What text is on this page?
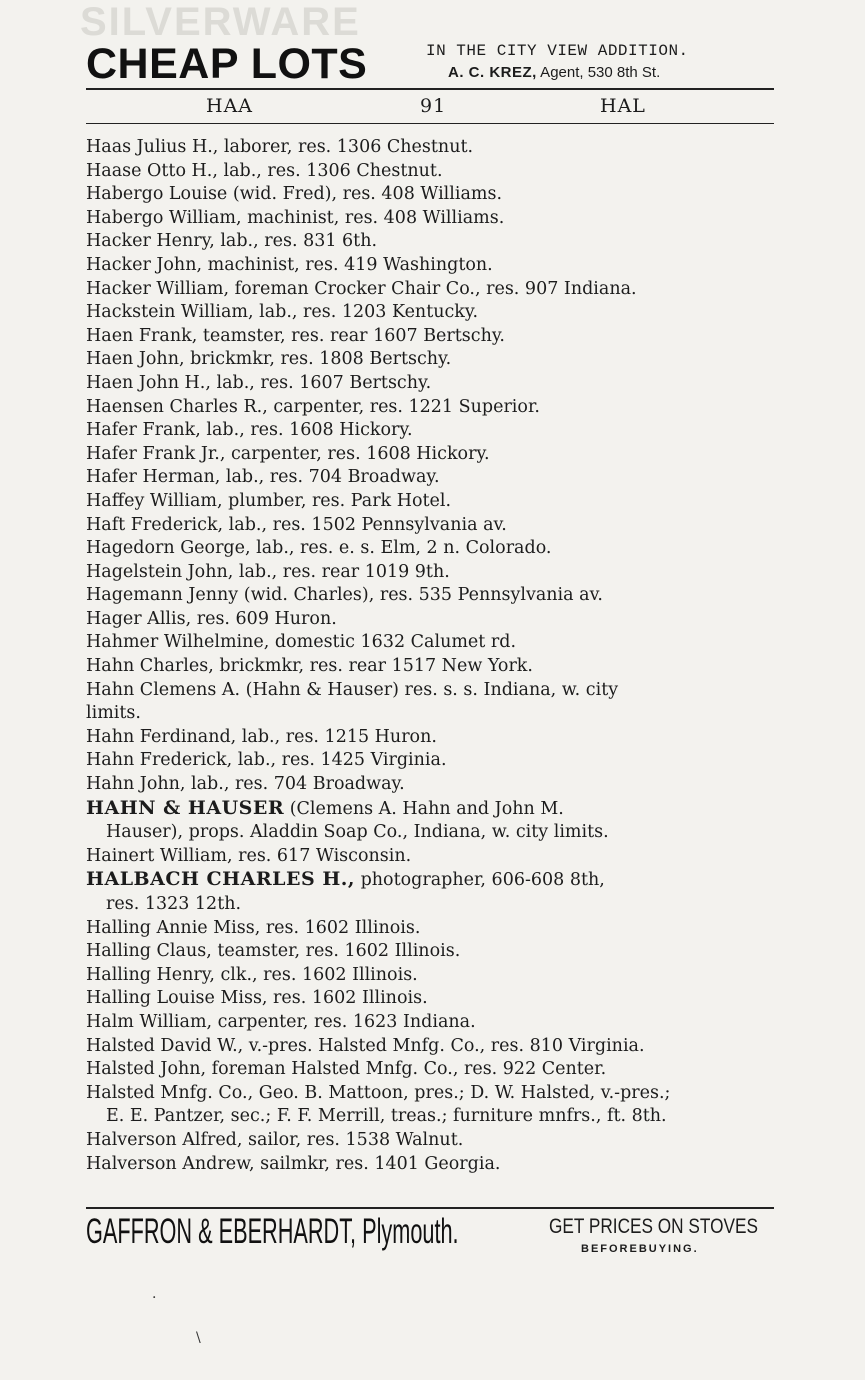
SILVERWARE
CHEAP LOTS	IN THE CITY VIEW ADDITION.
A. C. KREZ, Agent, 530 8th St.
HAA	91	HAL
Haas Julius H., laborer, res. 1306 Chestnut.
Haase Otto H., lab., res. 1306 Chestnut.
Habergo Louise (wid. Fred), res. 408 Williams.
Habergo William, machinist, res. 408 Williams.
Hacker Henry, lab., res. 831 6th.
Hacker John, machinist, res. 419 Washington.
Hacker William, foreman Crocker Chair Co., res. 907 Indiana.
Hackstein William, lab., res. 1203 Kentucky.
Haen Frank, teamster, res. rear 1607 Bertschy.
Haen John, brickmkr, res. 1808 Bertschy.
Haen John H., lab., res. 1607 Bertschy.
Haensen Charles R., carpenter, res. 1221 Superior.
Hafer Frank, lab., res. 1608 Hickory.
Hafer Frank Jr., carpenter, res. 1608 Hickory.
Hafer Herman, lab., res. 704 Broadway.
Haffey William, plumber, res. Park Hotel.
Haft Frederick, lab., res. 1502 Pennsylvania av.
Hagedorn George, lab., res. e. s. Elm, 2 n. Colorado.
Hagelstein John, lab., res. rear 1019 9th.
Hagemann Jenny (wid. Charles), res. 535 Pennsylvania av.
Hager Allis, res. 609 Huron.
Hahmer Wilhelmine, domestic 1632 Calumet rd.
Hahn Charles, brickmkr, res. rear 1517 New York.
Hahn Clemens A. (Hahn & Hauser) res. s. s. Indiana, w. city
limits.
Hahn Ferdinand, lab., res. 1215 Huron.
Hahn Frederick, lab., res. 1425 Virginia.
Hahn John, lab., res. 704 Broadway.
HAHN & HAUSER (Clemens A. Hahn and John M.
Hauser), props. Aladdin Soap Co., Indiana, w. city limits.
Hainert William, res. 617 Wisconsin.
HALBACH CHARLES H., photographer, 606-608 8th,
res. 1323 12th.
Halling Annie Miss, res. 1602 Illinois.
Halling Claus, teamster, res. 1602 Illinois.
Halling Henry, clk., res. 1602 Illinois.
Halling Louise Miss, res. 1602 Illinois.
Halm William, carpenter, res. 1623 Indiana.
Halsted David W., v.-pres. Halsted Mnfg. Co., res. 810 Virginia.
Halsted John, foreman Halsted Mnfg. Co., res. 922 Center.
Halsted Mnfg. Co., Geo. B. Mattoon, pres.; D. W. Halsted, v.-pres.;
E. E. Pantzer, sec.; F. F. Merrill, treas.; furniture mnfrs., ft. 8th.
Halverson Alfred, sailor, res. 1538 Walnut.
Halverson Andrew, sailmkr, res. 1401 Georgia.
GAFFRON & EBERHARDT, Plymouth.	GET PRICES ON STOVES
BEFOREBUYING.
·
\
